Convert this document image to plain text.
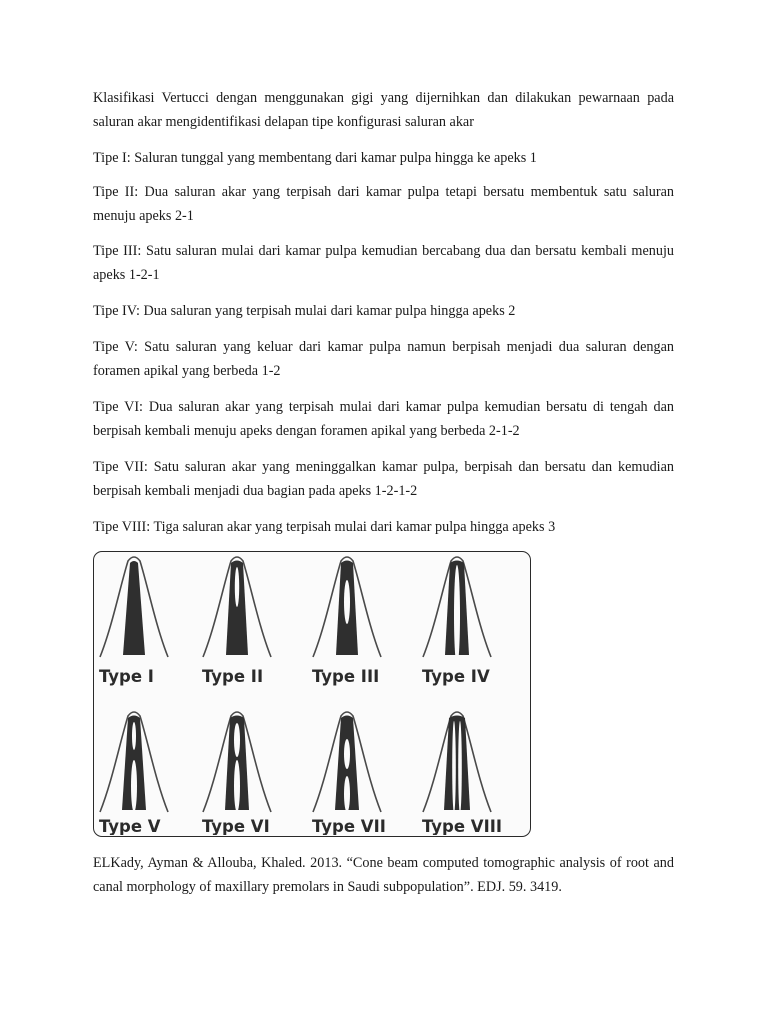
Klasifikasi Vertucci dengan menggunakan gigi yang dijernihkan dan dilakukan pewarnaan pada saluran akar mengidentifikasi delapan tipe konfigurasi saluran akar

Tipe I: Saluran tunggal yang membentang dari kamar pulpa hingga ke apeks 1

Tipe II: Dua saluran akar yang terpisah dari kamar pulpa tetapi bersatu membentuk satu saluran menuju apeks 2-1

Tipe III: Satu saluran mulai dari kamar pulpa kemudian bercabang dua dan bersatu kembali menuju apeks 1-2-1

Tipe IV: Dua saluran yang terpisah mulai dari kamar pulpa hingga apeks 2

Tipe V: Satu saluran yang keluar dari kamar pulpa namun berpisah menjadi dua saluran dengan foramen apikal yang berbeda 1-2

Tipe VI: Dua saluran akar yang terpisah mulai dari kamar pulpa kemudian bersatu di tengah dan berpisah kembali menuju apeks dengan foramen apikal yang berbeda 2-1-2

Tipe VII: Satu saluran akar yang meninggalkan kamar pulpa, berpisah dan bersatu dan kemudian berpisah kembali menjadi dua bagian pada apeks 1-2-1-2

Tipe VIII: Tiga saluran akar yang terpisah mulai dari kamar pulpa hingga apeks 3

Type I	Type II	Type III	Type IV
Type V	Type VI	Type VII Type VIII

ELKady, Ayman & Allouba, Khaled. 2013. “Cone beam computed tomographic analysis of root and canal morphology of maxillary premolars in Saudi subpopulation”. EDJ. 59. 3419.
